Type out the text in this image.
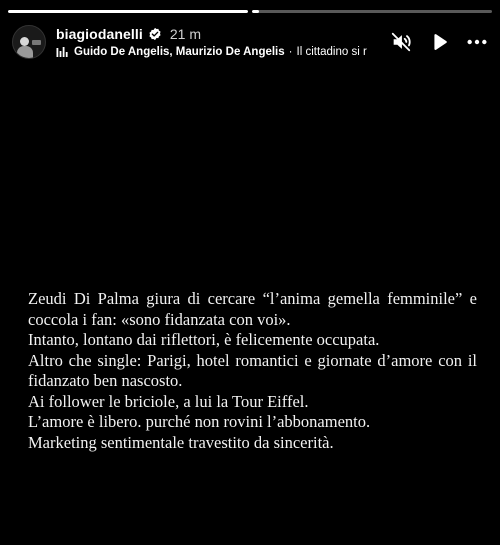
biagiodanelli 21 m
Guido De Angelis, Maurizio De Angelis · Il cittadino si r

Zeudi Di Palma giura di cercare “l’anima gemella femminile” e coccola i fan: «sono fidanzata con voi».

Intanto, lontano dai riflettori, è felicemente occupata.

Altro che single: Parigi, hotel romantici e giornate d’amore con il fidanzato ben nascosto.

Ai follower le briciole, a lui la Tour Eiffel.

L’amore è libero. purché non rovini l’abbonamento.

Marketing sentimentale travestito da sincerità.
